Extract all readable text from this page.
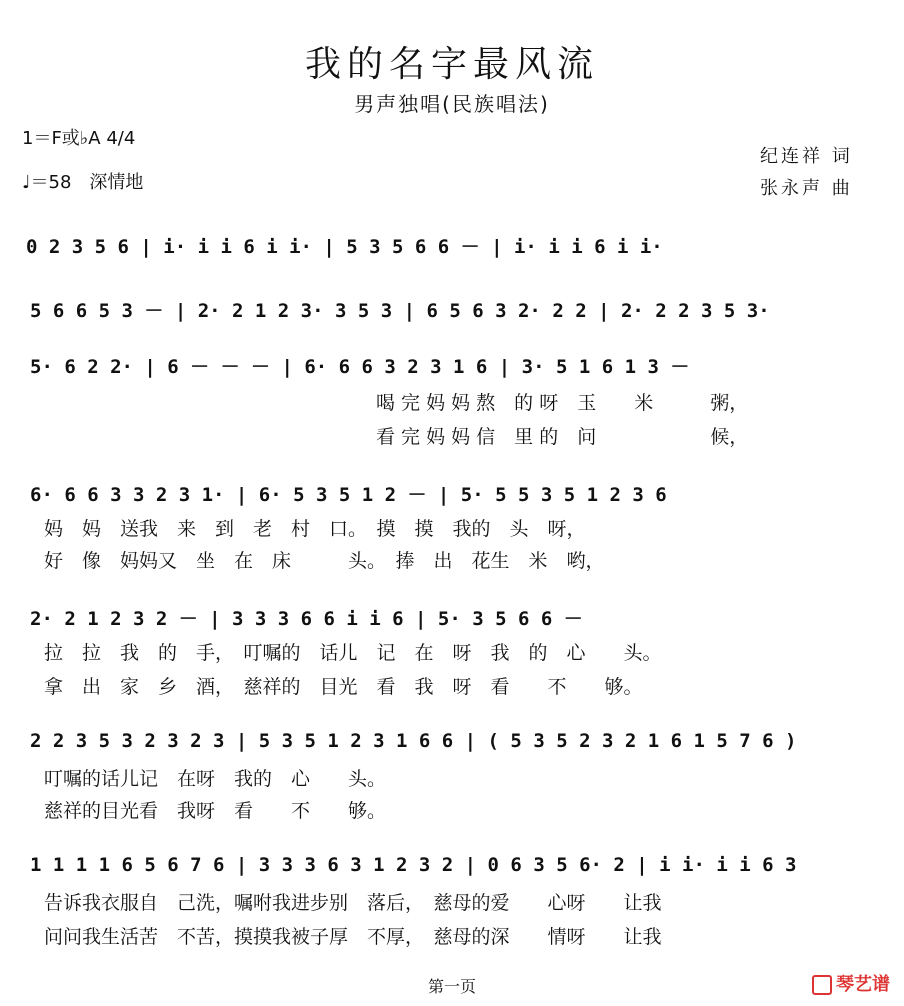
我的名字最风流
男声独唱(民族唱法)
1＝F或♭A 4/4
♩＝58　深情地
纪连祥 词
张永声 曲
0 2 3 5 6 | i· i i 6 i i· | 5 3 5 6 6 － | i· i i 6 i i·
5 6 6 5 3 － | 2· 2 1 2 3· 3 5 3 | 6 5 6 3 2· 2 2 | 2· 2 2 3 5 3·
5· 6 2 2· | 6 － － － | 6· 6 6 3 2 3 1 6 | 3· 5 1 6 1 3 －
喝 完 妈 妈 熬　的 呀　玉　　米　　　粥，
看 完 妈 妈 信　里 的　问　　　　　　候，
6· 6 6 3 3 2 3 1· | 6· 5 3 5 1 2 － | 5· 5 5 3 5 1 2 3 6
妈　妈　送我　来　到　老　村　口。　摸　摸　我的　头　呀，
好　像　妈妈又　坐　在　床　　　头。　捧　出　花生　米　哟，
2· 2 1 2 3 2 － | 3 3 3 6 6 i i 6 | 5· 3 5 6 6 －
拉　拉　我　的　手，　叮嘱的　话儿　记　在　呀　我　的　心　　头。
拿　出　家　乡　酒，　慈祥的　目光　看　我　呀　看　　不　　够。
2 2 3 5 3 2 3 2 3 | 5 3 5 1 2 3 1 6 6 | ( 5 3 5 2 3 2 1 6 1 5 7 6 )
叮嘱的话儿记　在呀　我的　心　　头。
慈祥的目光看　我呀　看　　不　　够。
1 1 1 1 6 5 6 7 6 | 3 3 3 6 3 1 2 3 2 | 0 6 3 5 6· 2 | i i· i i 6 3
告诉我衣服自　己洗，嘱咐我进步别　落后，　慈母的爱　　心呀　　让我
问问我生活苦　不苦，摸摸我被子厚　不厚，　慈母的深　　情呀　　让我
第一页	琴艺谱
